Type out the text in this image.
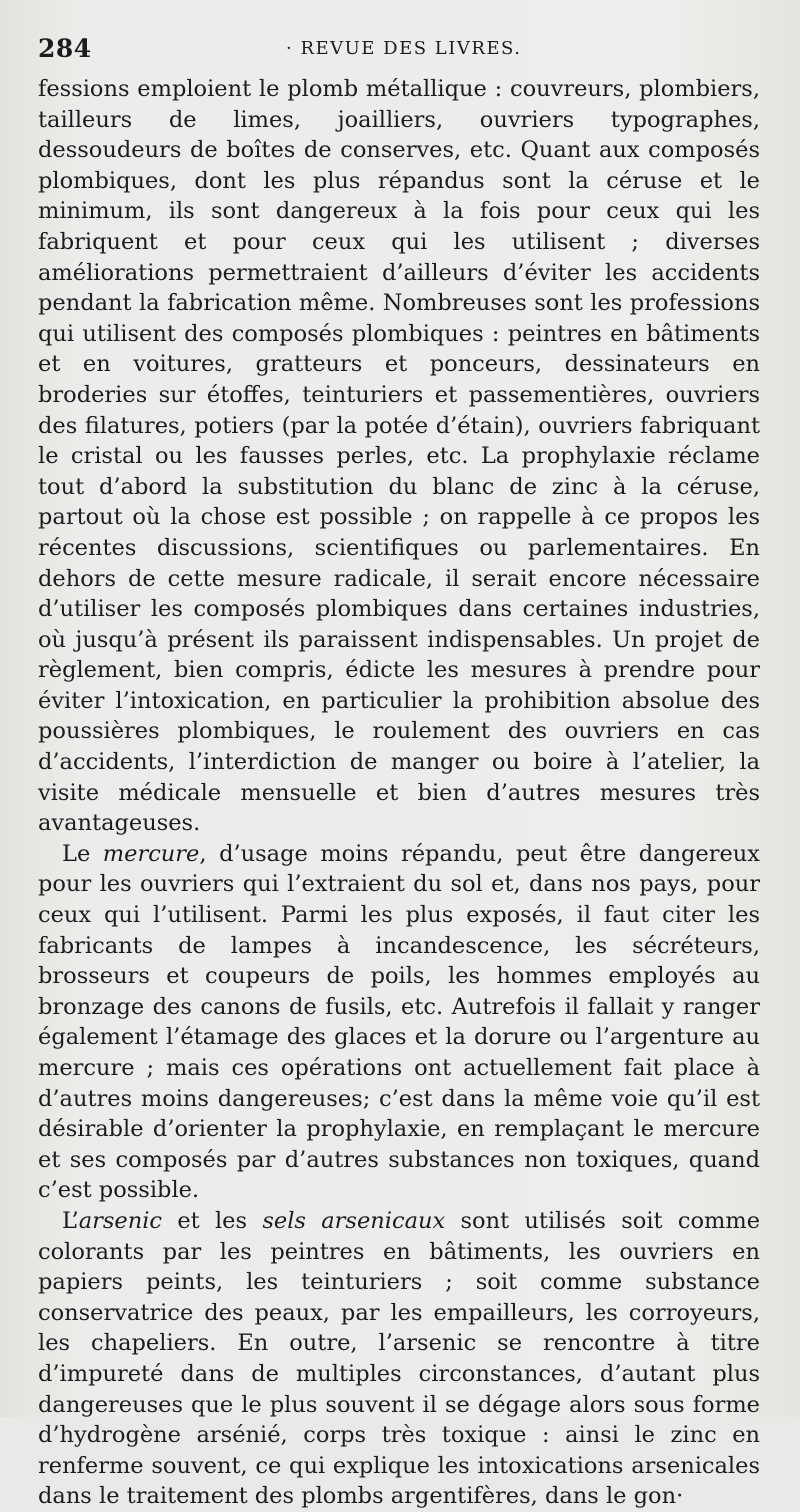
284	· REVUE DES LIVRES.

fessions emploient le plomb métallique : couvreurs, plombiers, tailleurs de limes, joailliers, ouvriers typographes, dessoudeurs de boîtes de conserves, etc. Quant aux composés plombiques, dont les plus répandus sont la céruse et le minimum, ils sont dangereux à la fois pour ceux qui les fabriquent et pour ceux qui les utilisent ; diverses améliorations permettraient d’ailleurs d’éviter les accidents pendant la fabrication même. Nombreuses sont les professions qui utilisent des composés plombiques : peintres en bâtiments et en voitures, gratteurs et ponceurs, dessinateurs en broderies sur étoffes, teinturiers et passementières, ouvriers des filatures, potiers (par la potée d’étain), ouvriers fabriquant le cristal ou les fausses perles, etc. La prophylaxie réclame tout d’abord la substitution du blanc de zinc à la céruse, partout où la chose est possible ; on rappelle à ce propos les récentes discussions, scientifiques ou parlementaires. En dehors de cette mesure radicale, il serait encore nécessaire d’utiliser les composés plombiques dans certaines industries, où jusqu’à présent ils paraissent indispensables. Un projet de règlement, bien compris, édicte les mesures à prendre pour éviter l’intoxication, en particulier la prohibition absolue des poussières plombiques, le roulement des ouvriers en cas d’accidents, l’interdiction de manger ou boire à l’atelier, la visite médicale mensuelle et bien d’autres mesures très avantageuses.

Le mercure, d’usage moins répandu, peut être dangereux pour les ouvriers qui l’extraient du sol et, dans nos pays, pour ceux qui l’utilisent. Parmi les plus exposés, il faut citer les fabricants de lampes à incandescence, les sécréteurs, brosseurs et coupeurs de poils, les hommes employés au bronzage des canons de fusils, etc. Autrefois il fallait y ranger également l’étamage des glaces et la dorure ou l’argenture au mercure ; mais ces opérations ont actuellement fait place à d’autres moins dangereuses; c’est dans la même voie qu’il est désirable d’orienter la prophylaxie, en remplaçant le mercure et ses composés par d’autres substances non toxiques, quand c’est possible.

L’arsenic et les sels arsenicaux sont utilisés soit comme colorants par les peintres en bâtiments, les ouvriers en papiers peints, les teinturiers ; soit comme substance conservatrice des peaux, par les empailleurs, les corroyeurs, les chapeliers. En outre, l’arsenic se rencontre à titre d’impureté dans de multiples circonstances, d’autant plus dangereuses que le plus souvent il se dégage alors sous forme d’hydrogène arsénié, corps très toxique : ainsi le zinc en renferme souvent, ce qui explique les intoxications arsenicales dans le traitement des plombs argentifères, dans le gon·
